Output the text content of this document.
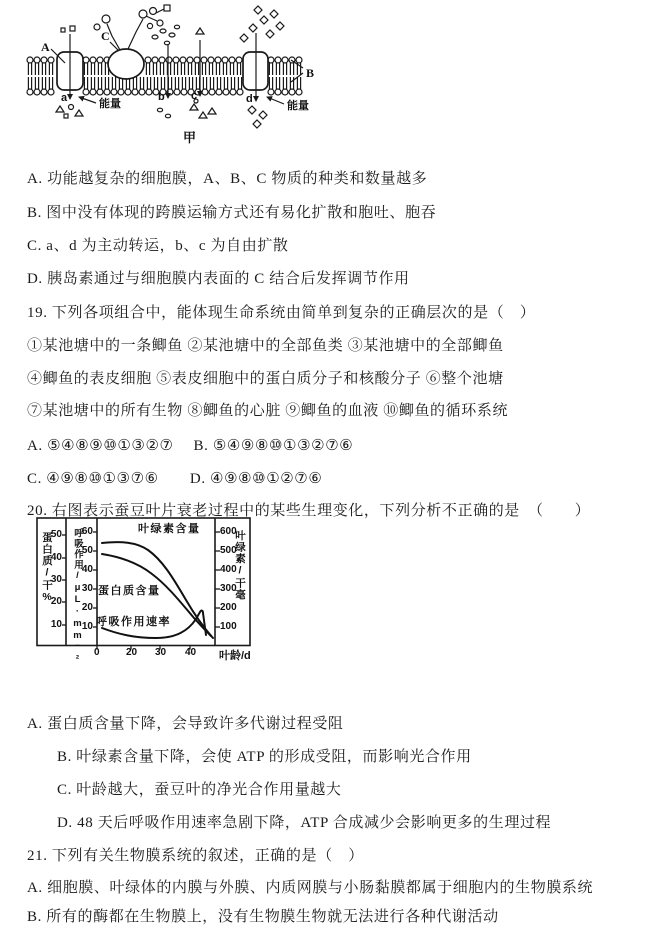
A
a	能量
C
b c	d
能量
B
甲

A. 功能越复杂的细胞膜，A、B、C 物质的种类和数量越多

B. 图中没有体现的跨膜运输方式还有易化扩散和胞吐、胞吞

C. a、d 为主动转运，b、c 为自由扩散

D. 胰岛素通过与细胞膜内表面的 C 结合后发挥调节作用

19. 下列各项组合中，能体现生命系统由简单到复杂的正确层次的是（　）

①某池塘中的一条鲫鱼 ②某池塘中的全部鱼类 ③某池塘中的全部鲫鱼

④鲫鱼的表皮细胞 ⑤表皮细胞中的蛋白质分子和核酸分子 ⑥整个池塘

⑦某池塘中的所有生物 ⑧鲫鱼的心脏 ⑨鲫鱼的血液 ⑩鲫鱼的循环系统

A. ⑤④⑧⑨⑩①③②⑦　 B. ⑤④⑨⑧⑩①③②⑦⑥

C. ④⑨⑧⑩①③⑦⑥　　D. ④⑨⑧⑩①②⑦⑥

20. 右图表示蚕豆叶片衰老过程中的某些生理变化，下列分析不正确的是　（　　）

50
40
30
20
10
60
50
40
30
20
10
600
500
400
300
200
100
蛋白质/干% 呼吸作用/μL·mm⁻²	叶绿素/干毫
叶绿素含量
蛋白质含量
呼吸作用速率
0	20 30 40 叶龄/d

A. 蛋白质含量下降，会导致许多代谢过程受阻

B. 叶绿素含量下降，会使 ATP 的形成受阻，而影响光合作用

C. 叶龄越大，蚕豆叶的净光合作用量越大

D. 48 天后呼吸作用速率急剧下降，ATP 合成减少会影响更多的生理过程

21. 下列有关生物膜系统的叙述，正确的是（　）

A. 细胞膜、叶绿体的内膜与外膜、内质网膜与小肠黏膜都属于细胞内的生物膜系统

B. 所有的酶都在生物膜上，没有生物膜生物就无法进行各种代谢活动
